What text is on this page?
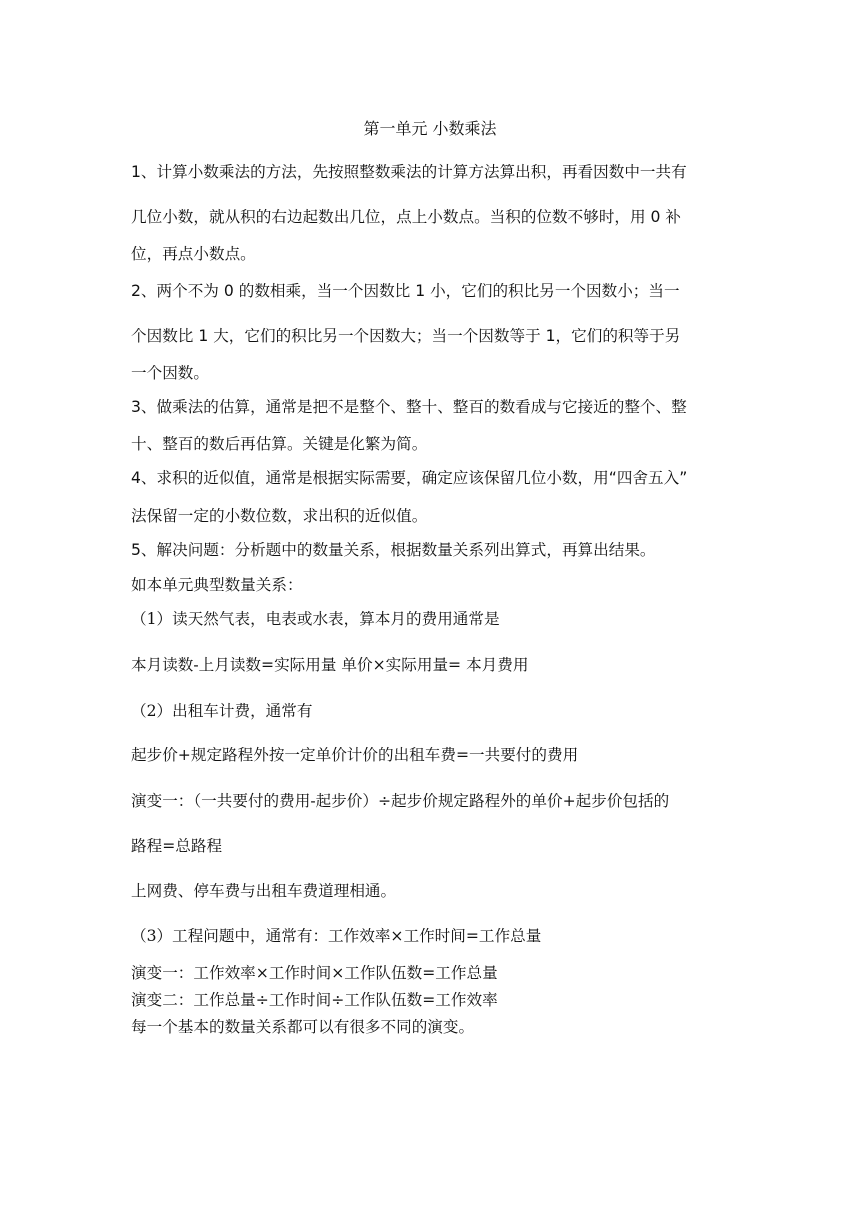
第一单元 小数乘法
1、计算小数乘法的方法，先按照整数乘法的计算方法算出积，再看因数中一共有
几位小数，就从积的右边起数出几位，点上小数点。当积的位数不够时，用 0 补
位，再点小数点。
2、两个不为 0 的数相乘，当一个因数比 1 小，它们的积比另一个因数小；当一
个因数比 1 大，它们的积比另一个因数大；当一个因数等于 1，它们的积等于另
一个因数。
3、做乘法的估算，通常是把不是整个、整十、整百的数看成与它接近的整个、整
十、整百的数后再估算。关键是化繁为简。
4、求积的近似值，通常是根据实际需要，确定应该保留几位小数，用“四舍五入”
法保留一定的小数位数，求出积的近似值。
5、解决问题：分析题中的数量关系，根据数量关系列出算式，再算出结果。
如本单元典型数量关系：
（1）读天然气表，电表或水表，算本月的费用通常是
本月读数-上月读数=实际用量 单价×实际用量= 本月费用
（2）出租车计费，通常有
起步价+规定路程外按一定单价计价的出租车费=一共要付的费用
演变一：（一共要付的费用-起步价）÷起步价规定路程外的单价+起步价包括的
路程=总路程
上网费、停车费与出租车费道理相通。
（3）工程问题中，通常有：工作效率×工作时间=工作总量
演变一：工作效率×工作时间×工作队伍数=工作总量
演变二：工作总量÷工作时间÷工作队伍数=工作效率
每一个基本的数量关系都可以有很多不同的演变。
